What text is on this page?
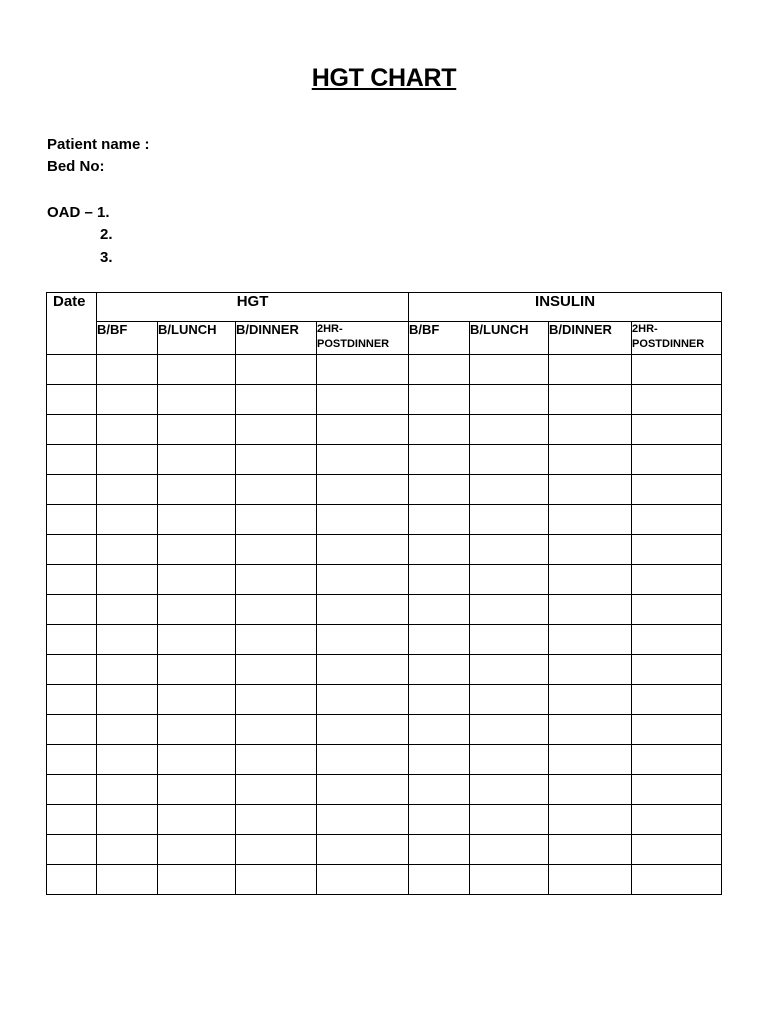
HGT CHART
Patient name :
Bed No:
OAD – 1.
2.
3.
Date	HGT				INSULIN			
	B/BF	B/LUNCH	B/DINNER	2HR-POSTDINNER	B/BF	B/LUNCH	B/DINNER	2HR-POSTDINNER
